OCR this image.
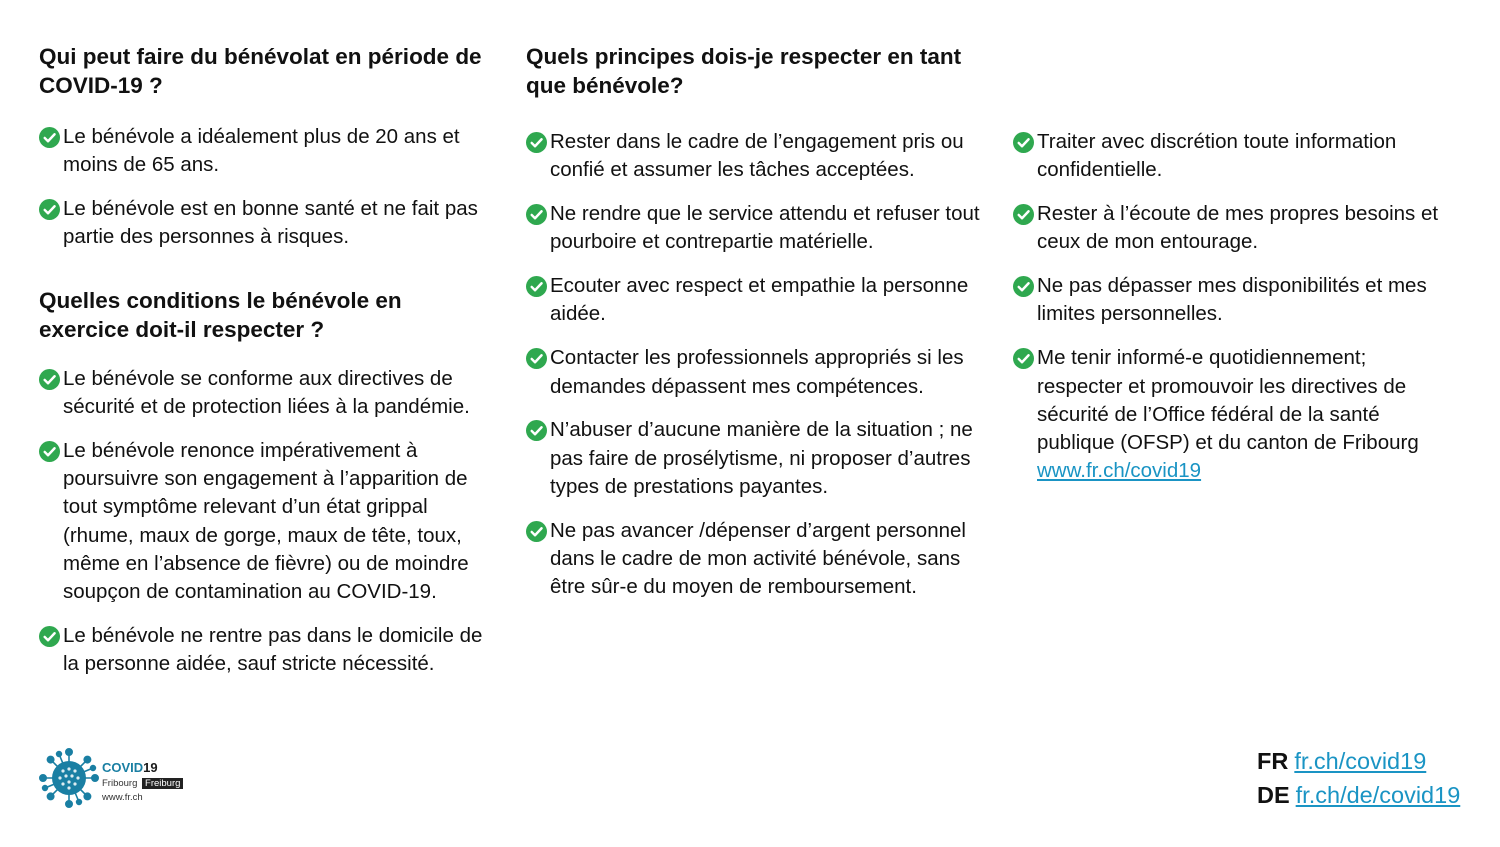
Qui peut faire du bénévolat en période de COVID-19 ?
Le bénévole a idéalement plus de 20 ans et moins de 65 ans.
Le bénévole est en bonne santé et ne fait pas partie des personnes à risques.
Quelles conditions le bénévole en exercice doit-il respecter ?
Le bénévole se conforme aux directives de sécurité et de protection liées à la pandémie.
Le bénévole renonce impérativement à poursuivre son engagement à l’apparition de tout symptôme relevant d’un état grippal (rhume, maux de gorge, maux de tête, toux, même en l’absence de fièvre) ou de moindre soupçon de contamination au COVID-19.
Le bénévole ne rentre pas dans le domicile de la personne aidée, sauf stricte nécessité.
Quels principes dois-je respecter en tant que bénévole?
Rester dans le cadre de l’engagement pris ou confié et assumer les tâches acceptées.
Ne rendre que le service attendu et refuser tout pourboire et contrepartie matérielle.
Ecouter avec respect et empathie la personne aidée.
Contacter les professionnels appropriés si les demandes dépassent mes compétences.
N’abuser d’aucune manière de la situation ; ne pas faire de prosélytisme, ni proposer d’autres types de prestations payantes.
Ne pas avancer /dépenser d’argent personnel dans le cadre de mon activité bénévole, sans être sûr-e du moyen de remboursement.
Traiter avec discrétion toute information confidentielle.
Rester à l’écoute de mes propres besoins et ceux de mon entourage.
Ne pas dépasser mes disponibilités et mes limites personnelles.
Me tenir informé-e quotidiennement; respecter et promouvoir les directives de sécurité de l’Office fédéral de la santé publique (OFSP) et du canton de Fribourg
www.fr.ch/covid19
COVID19
Fribourg Freiburg
www.fr.ch
FR fr.ch/covid19
DE fr.ch/de/covid19
